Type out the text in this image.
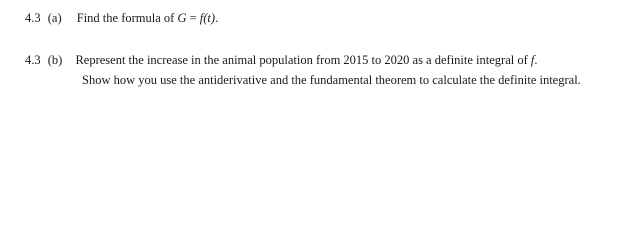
4.3 (a) Find the formula of G = f(t).
4.3 (b) Represent the increase in the animal population from 2015 to 2020 as a definite integral of f.
Show how you use the antiderivative and the fundamental theorem to calculate the definite integral.
